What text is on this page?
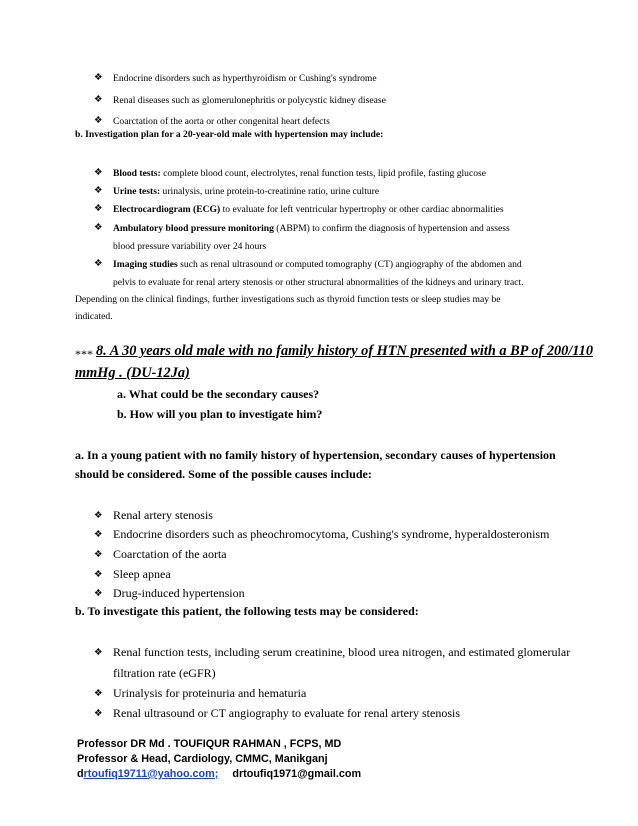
❖ Endocrine disorders such as hyperthyroidism or Cushing's syndrome
❖ Renal diseases such as glomerulonephritis or polycystic kidney disease
❖ Coarctation of the aorta or other congenital heart defects
b. Investigation plan for a 20-year-old male with hypertension may include:
❖ Blood tests: complete blood count, electrolytes, renal function tests, lipid profile, fasting glucose
❖ Urine tests: urinalysis, urine protein-to-creatinine ratio, urine culture
❖ Electrocardiogram (ECG) to evaluate for left ventricular hypertrophy or other cardiac abnormalities
❖ Ambulatory blood pressure monitoring (ABPM) to confirm the diagnosis of hypertension and assess
blood pressure variability over 24 hours
❖ Imaging studies such as renal ultrasound or computed tomography (CT) angiography of the abdomen and
pelvis to evaluate for renal artery stenosis or other structural abnormalities of the kidneys and urinary tract.
Depending on the clinical findings, further investigations such as thyroid function tests or sleep studies may be
indicated.
*** 8. A 30 years old male with no family history of HTN presented with a BP of 200/110
mmHg . (DU-12Ja)
a. What could be the secondary causes?
b. How will you plan to investigate him?
a. In a young patient with no family history of hypertension, secondary causes of hypertension
should be considered. Some of the possible causes include:
❖ Renal artery stenosis
❖ Endocrine disorders such as pheochromocytoma, Cushing's syndrome, hyperaldosteronism
❖ Coarctation of the aorta
❖ Sleep apnea
❖ Drug-induced hypertension
b. To investigate this patient, the following tests may be considered:
❖ Renal function tests, including serum creatinine, blood urea nitrogen, and estimated glomerular
filtration rate (eGFR)
❖ Urinalysis for proteinuria and hematuria
❖ Renal ultrasound or CT angiography to evaluate for renal artery stenosis
Professor DR Md . TOUFIQUR RAHMAN , FCPS, MD
Professor & Head, Cardiology, CMMC, Manikganj
drtoufiq19711@yahoo.com; drtoufiq1971@gmail.com
